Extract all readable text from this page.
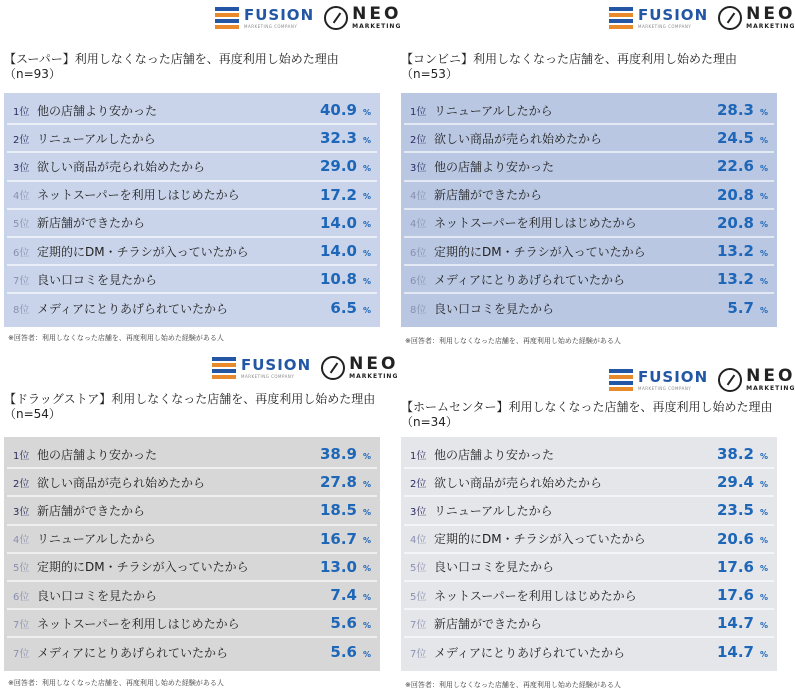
FUSION
MARKETING COMPANY
NEO
MARKETING
【スーパー】利用しなくなった店舗を、再度利用し始めた理由（n=93）
1位 他の店舗より安かった	40.9 %
2位 リニューアルしたから	32.3 %
3位 欲しい商品が売られ始めたから	29.0 %
4位 ネットスーパーを利用しはじめたから	17.2 %
5位 新店舗ができたから	14.0 %
6位 定期的にDM・チラシが入っていたから	14.0 %
7位 良い口コミを見たから	10.8 %
8位 メディアにとりあげられていたから	6.5 %
※回答者：利用しなくなった店舗を、再度利用し始めた経験がある人
FUSION
MARKETING COMPANY
NEO
MARKETING
【コンビニ】利用しなくなった店舗を、再度利用し始めた理由（n=53）
1位 リニューアルしたから	28.3 %
2位 欲しい商品が売られ始めたから	24.5 %
3位 他の店舗より安かった	22.6 %
4位 新店舗ができたから	20.8 %
4位 ネットスーパーを利用しはじめたから	20.8 %
6位 定期的にDM・チラシが入っていたから	13.2 %
6位 メディアにとりあげられていたから	13.2 %
8位 良い口コミを見たから	5.7 %
※回答者：利用しなくなった店舗を、再度利用し始めた経験がある人
FUSION
MARKETING COMPANY
NEO
MARKETING
【ドラッグストア】利用しなくなった店舗を、再度利用し始めた理由（n=54）
1位 他の店舗より安かった	38.9 %
2位 欲しい商品が売られ始めたから	27.8 %
3位 新店舗ができたから	18.5 %
4位 リニューアルしたから	16.7 %
5位 定期的にDM・チラシが入っていたから	13.0 %
6位 良い口コミを見たから	7.4 %
7位 ネットスーパーを利用しはじめたから	5.6 %
7位 メディアにとりあげられていたから	5.6 %
※回答者：利用しなくなった店舗を、再度利用し始めた経験がある人
FUSION
MARKETING COMPANY
NEO
MARKETING
【ホームセンター】利用しなくなった店舗を、再度利用し始めた理由（n=34）
1位 他の店舗より安かった	38.2 %
2位 欲しい商品が売られ始めたから	29.4 %
3位 リニューアルしたから	23.5 %
4位 定期的にDM・チラシが入っていたから	20.6 %
5位 良い口コミを見たから	17.6 %
5位 ネットスーパーを利用しはじめたから	17.6 %
7位 新店舗ができたから	14.7 %
7位 メディアにとりあげられていたから	14.7 %
※回答者：利用しなくなった店舗を、再度利用し始めた経験がある人
